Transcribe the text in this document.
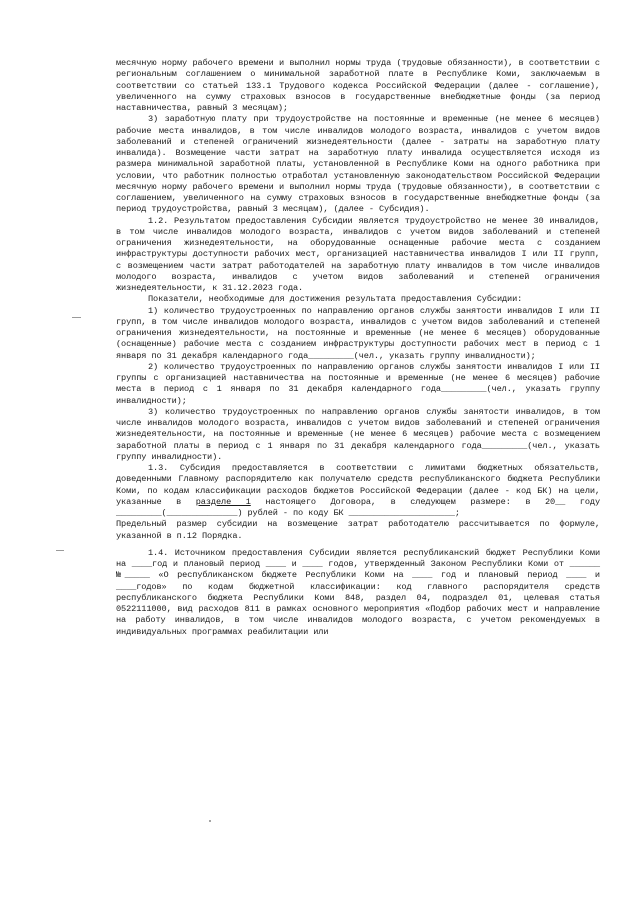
месячную норму рабочего времени и выполнил нормы труда (трудовые обязанности), в соответствии с региональным соглашением о минимальной заработной плате в Республике Коми, заключаемым в соответствии со статьей 133.1 Трудового кодекса Российской Федерации (далее - соглашение), увеличенного на сумму страховых взносов в государственные внебюджетные фонды (за период наставничества, равный 3 месяцам);

3) заработную плату при трудоустройстве на постоянные и временные (не менее 6 месяцев) рабочие места инвалидов, в том числе инвалидов молодого возраста, инвалидов с учетом видов заболеваний и степеней ограничений жизнедеятельности (далее - затраты на заработную плату инвалида). Возмещение части затрат на заработную плату инвалида осуществляется исходя из размера минимальной заработной платы, установленной в Республике Коми на одного работника при условии, что работник полностью отработал установленную законодательством Российской Федерации месячную норму рабочего времени и выполнил нормы труда (трудовые обязанности), в соответствии с соглашением, увеличенного на сумму страховых взносов в государственные внебюджетные фонды (за период трудоустройства, равный 3 месяцам), (далее - Субсидия).

1.2. Результатом предоставления Субсидии является трудоустройство не менее 30 инвалидов, в том числе инвалидов молодого возраста, инвалидов с учетом видов заболеваний и степеней ограничения жизнедеятельности, на оборудованные оснащенные рабочие места с созданием инфраструктуры доступности рабочих мест, организацией наставничества инвалидов I или II групп, с возмещением части затрат работодателей на заработную плату инвалидов в том числе инвалидов молодого возраста, инвалидов с учетом видов заболеваний и степеней ограничения жизнедеятельности, к 31.12.2023 года.

Показатели, необходимые для достижения результата предоставления Субсидии:

1) количество трудоустроенных по направлению органов службы занятости инвалидов I или II групп, в том числе инвалидов молодого возраста, инвалидов с учетом видов заболеваний и степеней ограничения жизнедеятельности, на постоянные и временные (не менее 6 месяцев) оборудованные (оснащенные) рабочие места с созданием инфраструктуры доступности рабочих мест в период с 1 января по 31 декабря календарного года_________(чел., указать группу инвалидности);

2) количество трудоустроенных по направлению органов службы занятости инвалидов I или II группы с организацией наставничества на постоянные и временные (не менее 6 месяцев) рабочие места в период с 1 января по 31 декабря календарного года_________(чел., указать группу инвалидности);

3) количество трудоустроенных по направлению органов службы занятости инвалидов, в том числе инвалидов молодого возраста, инвалидов с учетом видов заболеваний и степеней ограничения жизнедеятельности, на постоянные и временные (не менее 6 месяцев) рабочие места с возмещением заработной платы в период с 1 января по 31 декабря календарного года_________(чел., указать группу инвалидности).

1.3. Субсидия предоставляется в соответствии с лимитами бюджетных обязательств, доведенными Главному распорядителю как получателю средств республиканского бюджета Республики Коми, по кодам классификации расходов бюджетов Российской Федерации (далее - код БК) на цели, указанные в разделе 1 настоящего Договора, в следующем размере: в 20__ году _________(______________) рублей - по коду БК _____________________;

Предельный размер субсидии на возмещение затрат работодателю рассчитывается по формуле, указанной в п.12 Порядка.

1.4. Источником предоставления Субсидии является республиканский бюджет Республики Коми на ____год и плановый период ____ и ____ годов, утвержденный Законом Республики Коми от ______ №_____ «О республиканском бюджете Республики Коми на ____ год и плановый период ____ и ____годов» по кодам бюджетной классификации: код главного распорядителя средств республиканского бюджета Республики Коми 848, раздел 04, подраздел 01, целевая статья 0522111000, вид расходов 811 в рамках основного мероприятия «Подбор рабочих мест и направление на работу инвалидов, в том числе инвалидов молодого возраста, с учетом рекомендуемых в индивидуальных программах реабилитации или
